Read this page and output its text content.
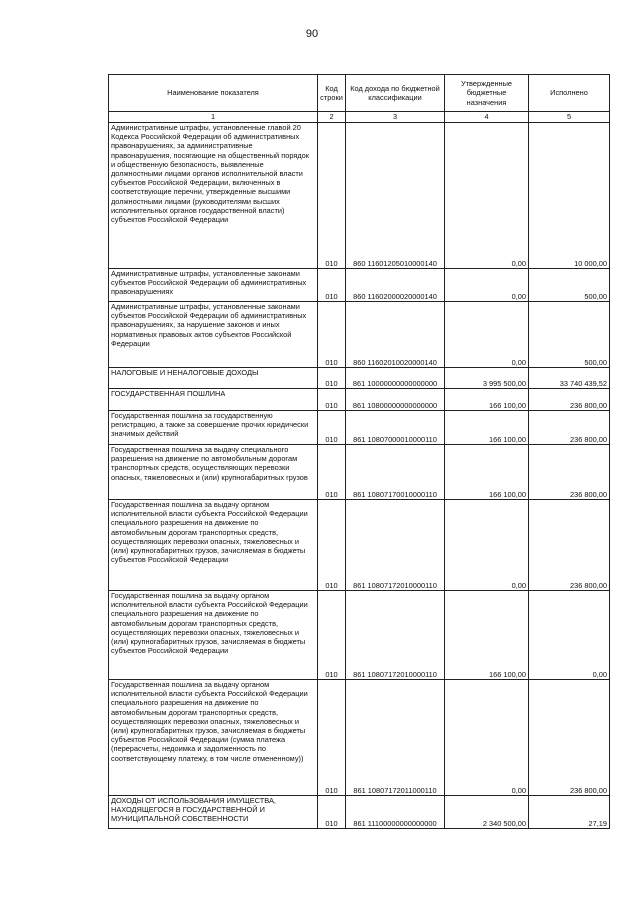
90
Наименование показателя	Код строки	Код дохода по бюджетной классификации	Утвержденные бюджетные назначения	Исполнено
1	2	3	4	5
Административные штрафы, установленные главой 20 Кодекса Российской Федерации об административных правонарушениях, за административные правонарушения, посягающие на общественный порядок и общественную безопасность, выявленные должностными лицами органов исполнительной власти субъектов Российской Федерации, включенных в соответствующие перечни, утвержденные высшими должностными лицами (руководителями высших исполнительных органов государственной власти) субъектов Российской Федерации	010	860 11601205010000140	0,00	10 000,00
Административные штрафы, установленные законами субъектов Российской Федерации об административных правонарушениях	010	860 11602000020000140	0,00	500,00
Административные штрафы, установленные законами субъектов Российской Федерации об административных правонарушениях, за нарушение законов и иных нормативных правовых актов субъектов Российской Федерации	010	860 11602010020000140	0,00	500,00
НАЛОГОВЫЕ И НЕНАЛОГОВЫЕ ДОХОДЫ	010	861 10000000000000000	3 995 500,00	33 740 439,52
ГОСУДАРСТВЕННАЯ ПОШЛИНА	010	861 10800000000000000	166 100,00	236 800,00
Государственная пошлина за государственную регистрацию, а также за совершение прочих юридически значимых действий	010	861 10807000010000110	166 100,00	236 800,00
Государственная пошлина за выдачу специального разрешения на движение по автомобильным дорогам транспортных средств, осуществляющих перевозки опасных, тяжеловесных и (или) крупногабаритных грузов	010	861 10807170010000110	166 100,00	236 800,00
Государственная пошлина за выдачу органом исполнительной власти субъекта Российской Федерации специального разрешения на движение по автомобильным дорогам транспортных средств, осуществляющих перевозки опасных, тяжеловесных и (или) крупногабаритных грузов, зачисляемая в бюджеты субъектов Российской Федерации	010	861 10807172010000110	0,00	236 800,00
Государственная пошлина за выдачу органом исполнительной власти субъекта Российской Федерации специального разрешения на движение по автомобильным дорогам транспортных средств, осуществляющих перевозки опасных, тяжеловесных и (или) крупногабаритных грузов, зачисляемая в бюджеты субъектов Российской Федерации	010	861 10807172010000110	166 100,00	0,00
Государственная пошлина за выдачу органом исполнительной власти субъекта Российской Федерации специального разрешения на движение по автомобильным дорогам транспортных средств, осуществляющих перевозки опасных, тяжеловесных и (или) крупногабаритных грузов, зачисляемая в бюджеты субъектов Российской Федерации (сумма платежа (перерасчеты, недоимка и задолженность по соответствующему платежу, в том числе отмененному))	010	861 10807172011000110	0,00	236 800,00
ДОХОДЫ ОТ ИСПОЛЬЗОВАНИЯ ИМУЩЕСТВА, НАХОДЯЩЕГОСЯ В ГОСУДАРСТВЕННОЙ И МУНИЦИПАЛЬНОЙ СОБСТВЕННОСТИ	010	861 11100000000000000	2 340 500,00	27,19
